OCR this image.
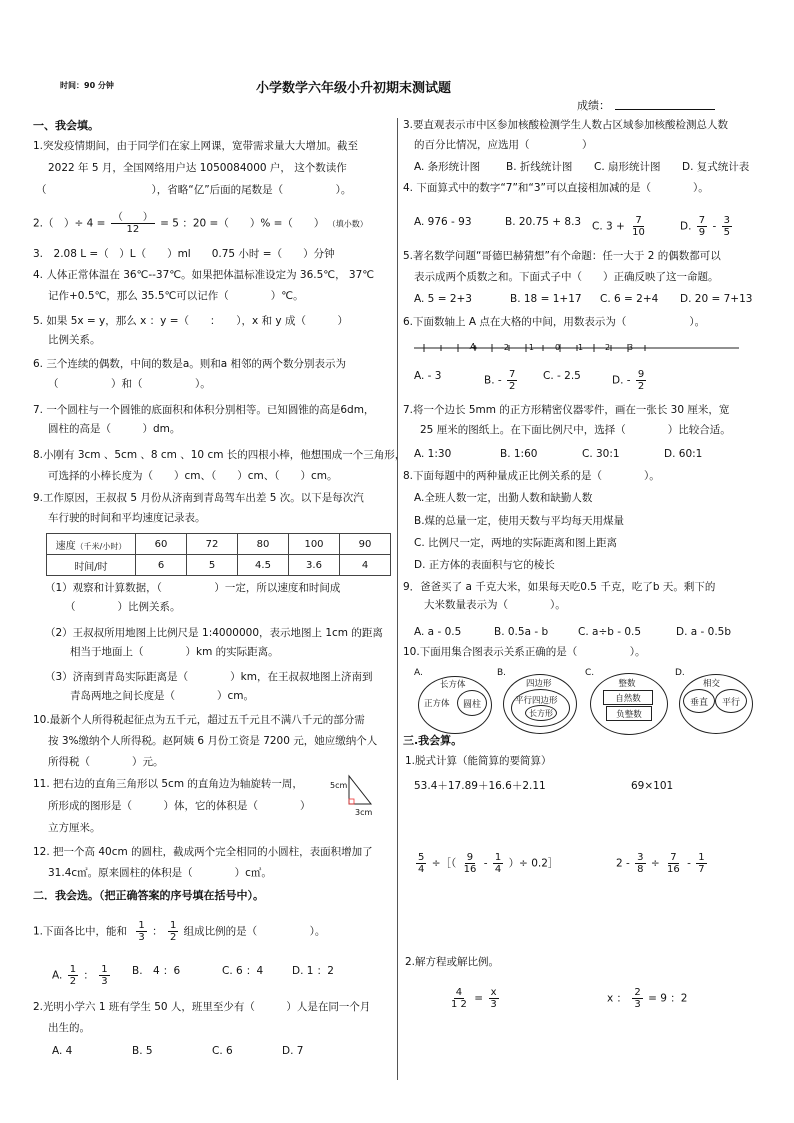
时间：90 分钟	小学数学六年级小升初期末测试题
成绩：
一、我会填。
1.突发疫情期间，由于同学们在家上网课，宽带需求量大大增加。截至
2022 年 5 月，全国网络用户达 1050084000 户， 这个数读作
（　　　　　　　　　　），省略“亿”后面的尾数是（　　　　　）。
2.（　）÷ $4 = \frac{( )}{12} = 5$ ：20 =（　　）% =（　　） （填小数）
3.　2.08 L =（　）L（　　）ml　　0.75 小时 =（　　）分钟
4. 人体正常体温在 36℃--37℃。如果把体温标准设定为 36.5℃， 37℃
记作+0.5℃，那么 35.5℃可以记作（　　　　）℃。
5. 如果 5x = y，那么 x ：y =（　　：　　），x 和 y 成（　　　）
比例关系。
6. 三个连续的偶数，中间的数是a。则和a 相邻的两个数分别表示为
（　　　　　）和（　　　　　）。
7. 一个圆柱与一个圆锥的底面积和体积分别相等。已知圆锥的高是6dm，
圆柱的高是（　　　）dm。
8.小刚有 3cm 、5cm 、8 cm 、10 cm 长的四根小棒，他想围成一个三角形，
可选择的小棒长度为（　　）cm、（　　）cm、（　　）cm。
9.工作原因，王叔叔 5 月份从济南到青岛驾车出差 5 次。以下是每次汽
车行驶的时间和平均速度记录表。
速度（千米/小时）	60	72	80	100	90
时间/时	6	5	4.5	3.6	4
（1）观察和计算数据，（　　　　　）一定，所以速度和时间成
（　　　　）比例关系。
（2）王叔叔所用地图上比例尺是 1:4000000，表示地图上 1cm 的距离
相当于地面上（　　　　）km 的实际距离。
（3）济南到青岛实际距离是（　　　　）km，在王叔叔地图上济南到
青岛两地之间长度是（　　　　）cm。
10.最新个人所得税起征点为五千元，超过五千元且不满八千元的部分需
按 3%缴纳个人所得税。赵阿姨 6 月份工资是 7200 元，她应缴纳个人
所得税（　　　　）元。
11. 把右边的直角三角形以 5cm 的直角边为轴旋转一周，
所形成的图形是（　　　）体，它的体积是（　　　　）
立方厘米。
5cm
3cm
12. 把一个高 40cm 的圆柱，截成两个完全相同的小圆柱，表面积增加了
31.4c㎡。原来圆柱的体积是（　　　　）c㎥。
二．我会选。（把正确答案的序号填在括号中）。
1.下面各比中，能和 $\frac{1}{3}$ ： $\frac{1}{2}$ 组成比例的是（　　　　　）。
A. $\frac{1}{2}$ ： $\frac{1}{3} B$.　4 ：6	C. 6 ：4	D. 1 ：2
2.光明小学六 1 班有学生 50 人，班里至少有（　　　）人是在同一个月
出生的。
A. 4	B. 5	C. 6	D. 7
3.要直观表示市中区参加核酸检测学生人数占区域参加核酸检测总人数
的百分比情况，应选用（　　　　　）
A. 条形统计图 B. 折线统计图 C. 扇形统计图 D. 复式统计表
4. 下面算式中的数字“7”和“3”可以直接相加减的是（　　　　）。
A. 976 - 93	B. 20.75 + 8.3 C. $3 + \frac{7}{10}$	D. $\frac{7}{9} - \frac{3}{5}$
5.著名数学问题“哥德巴赫猜想”有个命题：任一大于 2 的偶数都可以
表示成两个质数之和。下面式子中（　　）正确反映了这一命题。
A. 5 = 2+3	B. 18 = 1+17 C. 6 = 2+4 D. 20 = 7+13
6.下面数轴上 A 点在大格的中间，用数表示为（　　　　　　）。
A	-2 -1	0 1	2 3
A. - 3	B. - $\frac{7}{2} C$. - 2.5	D. - $\frac{9}{2}$
7.将一个边长 5mm 的正方形精密仪器零件，画在一张长 30 厘米，宽
25 厘米的图纸上。在下面比例尺中，选择（　　　　）比较合适。
A. 1:30	B. 1:60	C. 30:1	D. 60:1
8.下面每题中的两种量成正比例关系的是（　　　　）。
A.全班人数一定，出勤人数和缺勤人数
B.煤的总量一定，使用天数与平均每天用煤量
C. 比例尺一定，两地的实际距离和图上距离
D. 正方体的表面积与它的棱长
9．爸爸买了 a 千克大米，如果每天吃0.5 千克，吃了b 天。剩下的
大米数量表示为（　　　　）。
A. a - 0.5	B. 0.5a - b	C. a÷b - 0.5	D. a - 0.5b
10.下面用集合图表示关系正确的是（　　　　　）。
A.
长方体
正方体 圆柱
B.
四边形
平行四边形
长方形
C.
整数
自然数
负整数
D.
相交
垂直 平行
三.我会算。
1.脱式计算（能简算的要简算）
53.4＋17.89＋16.6＋2.11	69×101
$\frac{5}{4}$ ÷［（ $\frac{9}{16} - \frac{1}{4}$ ）÷ 0.2］	$2 - \frac{3}{8} \div \frac{7}{16} - \frac{1}{7}$
2.解方程或解比例。
$\frac{4}{1 2} = \frac{x}{3}$	x ： $\frac{2}{3} = 9$ ：2
